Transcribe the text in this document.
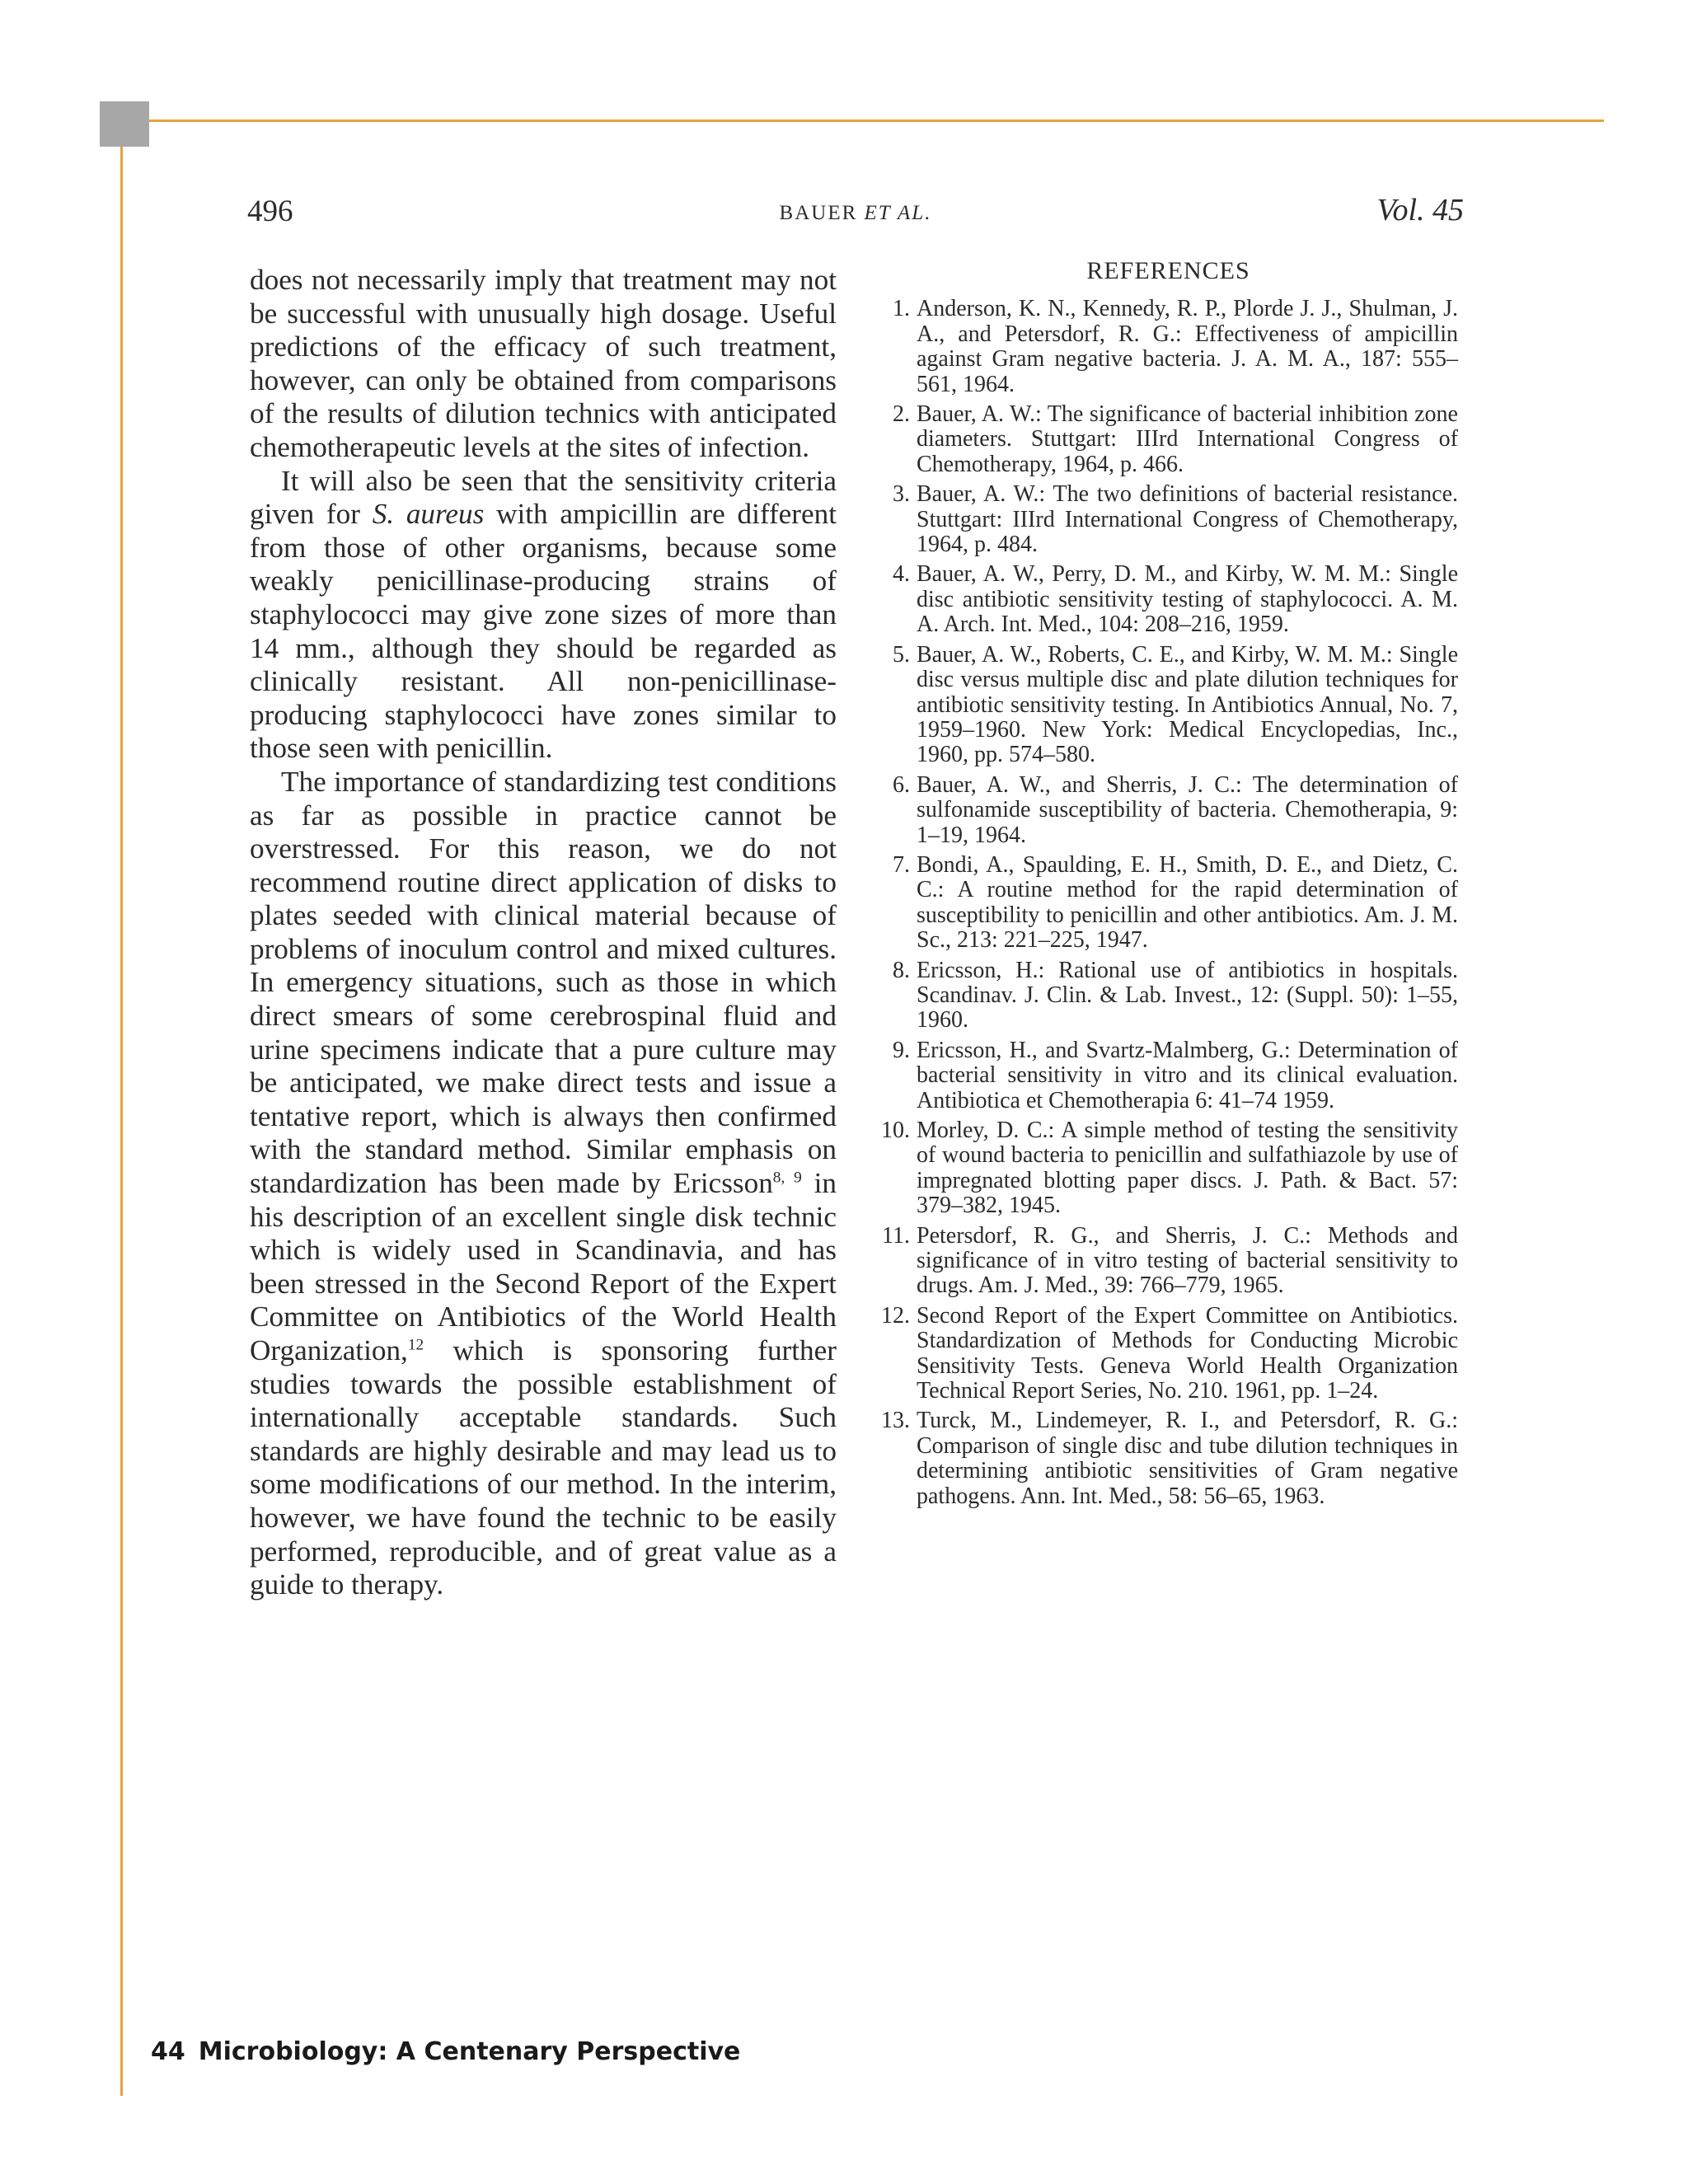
496	BAUER ET AL.	Vol. 45

does not necessarily imply that treatment may not be successful with unusually high dosage. Useful predictions of the efficacy of such treatment, however, can only be obtained from comparisons of the results of dilution technics with anticipated chemotherapeutic levels at the sites of infection.

It will also be seen that the sensitivity criteria given for S. aureus with ampicillin are different from those of other organisms, because some weakly penicillinase-producing strains of staphylococci may give zone sizes of more than 14 mm., although they should be regarded as clinically resistant. All non-penicillinase-producing staphylococci have zones similar to those seen with penicillin.

The importance of standardizing test conditions as far as possible in practice cannot be overstressed. For this reason, we do not recommend routine direct application of disks to plates seeded with clinical material because of problems of inoculum control and mixed cultures. In emergency situations, such as those in which direct smears of some cerebrospinal fluid and urine specimens indicate that a pure culture may be anticipated, we make direct tests and issue a tentative report, which is always then confirmed with the standard method. Similar emphasis on standardization has been made by Ericsson$^{8, 9}$ in his description of an excellent single disk technic which is widely used in Scandinavia, and has been stressed in the Second Report of the Expert Committee on Antibiotics of the World Health Organization,$^{12}$ which is sponsoring further studies towards the possible establishment of internationally acceptable standards. Such standards are highly desirable and may lead us to some modifications of our method. In the interim, however, we have found the technic to be easily performed, reproducible, and of great value as a guide to therapy.

REFERENCES
1. Anderson, K. N., Kennedy, R. P., Plorde J. J., Shulman, J. A., and Petersdorf, R. G.: Effectiveness of ampicillin against Gram negative bacteria. J. A. M. A., 187: 555–561, 1964.
2. Bauer, A. W.: The significance of bacterial inhibition zone diameters. Stuttgart: IIIrd International Congress of Chemotherapy, 1964, p. 466.
3. Bauer, A. W.: The two definitions of bacterial resistance. Stuttgart: IIIrd International Congress of Chemotherapy, 1964, p. 484.
4. Bauer, A. W., Perry, D. M., and Kirby, W. M. M.: Single disc antibiotic sensitivity testing of staphylococci. A. M. A. Arch. Int. Med., 104: 208–216, 1959.
5. Bauer, A. W., Roberts, C. E., and Kirby, W. M. M.: Single disc versus multiple disc and plate dilution techniques for antibiotic sensitivity testing. In Antibiotics Annual, No. 7, 1959–1960. New York: Medical Encyclopedias, Inc., 1960, pp. 574–580.
6. Bauer, A. W., and Sherris, J. C.: The determination of sulfonamide susceptibility of bacteria. Chemotherapia, 9: 1–19, 1964.
7. Bondi, A., Spaulding, E. H., Smith, D. E., and Dietz, C. C.: A routine method for the rapid determination of susceptibility to penicillin and other antibiotics. Am. J. M. Sc., 213: 221–225, 1947.
8. Ericsson, H.: Rational use of antibiotics in hospitals. Scandinav. J. Clin. & Lab. Invest., 12: (Suppl. 50): 1–55, 1960.
9. Ericsson, H., and Svartz-Malmberg, G.: Determination of bacterial sensitivity in vitro and its clinical evaluation. Antibiotica et Chemotherapia 6: 41–74 1959.
10. Morley, D. C.: A simple method of testing the sensitivity of wound bacteria to penicillin and sulfathiazole by use of impregnated blotting paper discs. J. Path. & Bact. 57: 379–382, 1945.
11. Petersdorf, R. G., and Sherris, J. C.: Methods and significance of in vitro testing of bacterial sensitivity to drugs. Am. J. Med., 39: 766–779, 1965.
12. Second Report of the Expert Committee on Antibiotics. Standardization of Methods for Conducting Microbic Sensitivity Tests. Geneva World Health Organization Technical Report Series, No. 210. 1961, pp. 1–24.
13. Turck, M., Lindemeyer, R. I., and Petersdorf, R. G.: Comparison of single disc and tube dilution techniques in determining antibiotic sensitivities of Gram negative pathogens. Ann. Int. Med., 58: 56–65, 1963.
44 Microbiology: A Centenary Perspective
